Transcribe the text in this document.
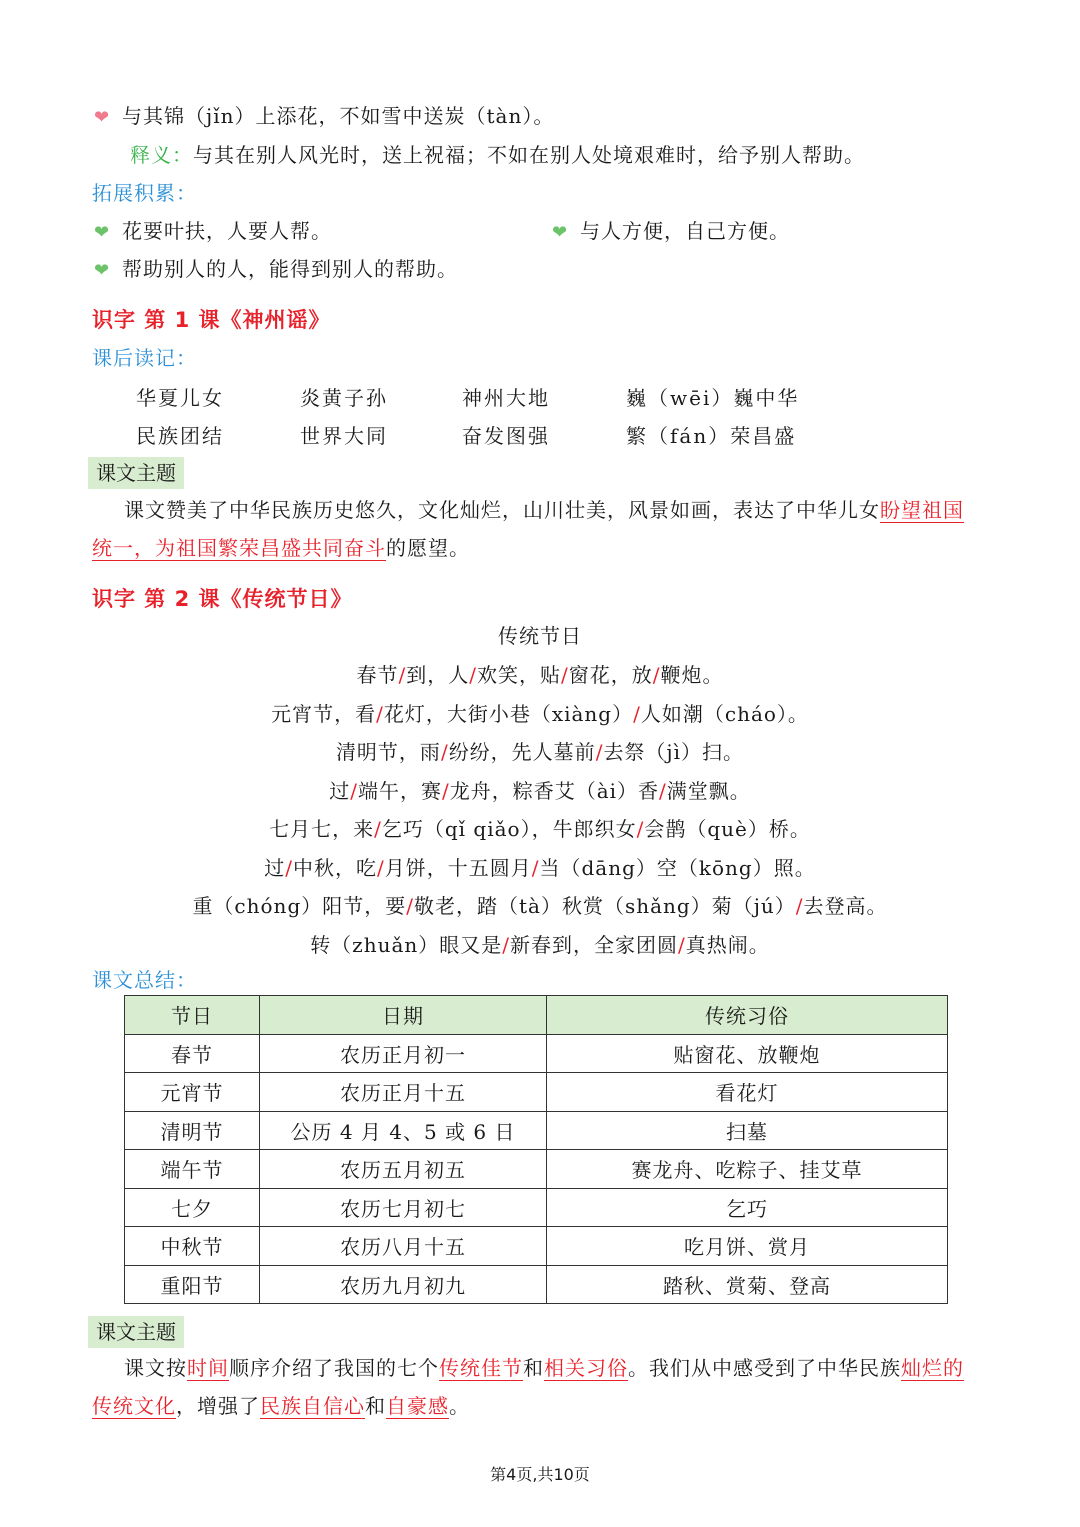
❤ 与其锦（jǐn）上添花，不如雪中送炭（tàn）。
释义：与其在别人风光时，送上祝福；不如在别人处境艰难时，给予别人帮助。
拓展积累：
❤ 花要叶扶，人要人帮。	❤ 与人方便，自己方便。
❤ 帮助别人的人，能得到别人的帮助。
识字 第 1 课《神州谣》
课后读记：
华夏儿女	炎黄子孙	神州大地	巍（wēi）巍中华
民族团结	世界大同	奋发图强	繁（fán）荣昌盛
课文主题
课文赞美了中华民族历史悠久，文化灿烂，山川壮美，风景如画，表达了中华儿女盼望祖国
统一，为祖国繁荣昌盛共同奋斗的愿望。
识字 第 2 课《传统节日》
传统节日
春节/到，人/欢笑，贴/窗花，放/鞭炮。
元宵节，看/花灯，大街小巷（xiàng）/人如潮（cháo）。
清明节，雨/纷纷，先人墓前/去祭（jì）扫。
过/端午，赛/龙舟，粽香艾（ài）香/满堂飘。
七月七，来/乞巧（qǐ qiǎo），牛郎织女/会鹊（què）桥。
过/中秋，吃/月饼，十五圆月/当（dāng）空（kōng）照。
重（chóng）阳节，要/敬老，踏（tà）秋赏（shǎng）菊（jú）/去登高。
转（zhuǎn）眼又是/新春到，全家团圆/真热闹。
课文总结：
节日	日期	传统习俗
春节	农历正月初一	贴窗花、放鞭炮
元宵节	农历正月十五	看花灯
清明节	公历 4 月 4、5 或 6 日	扫墓
端午节	农历五月初五	赛龙舟、吃粽子、挂艾草
七夕	农历七月初七	乞巧
中秋节	农历八月十五	吃月饼、赏月
重阳节	农历九月初九	踏秋、赏菊、登高
课文主题
课文按时间顺序介绍了我国的七个传统佳节和相关习俗。我们从中感受到了中华民族灿烂的
传统文化，增强了民族自信心和自豪感。
第4页,共10页
